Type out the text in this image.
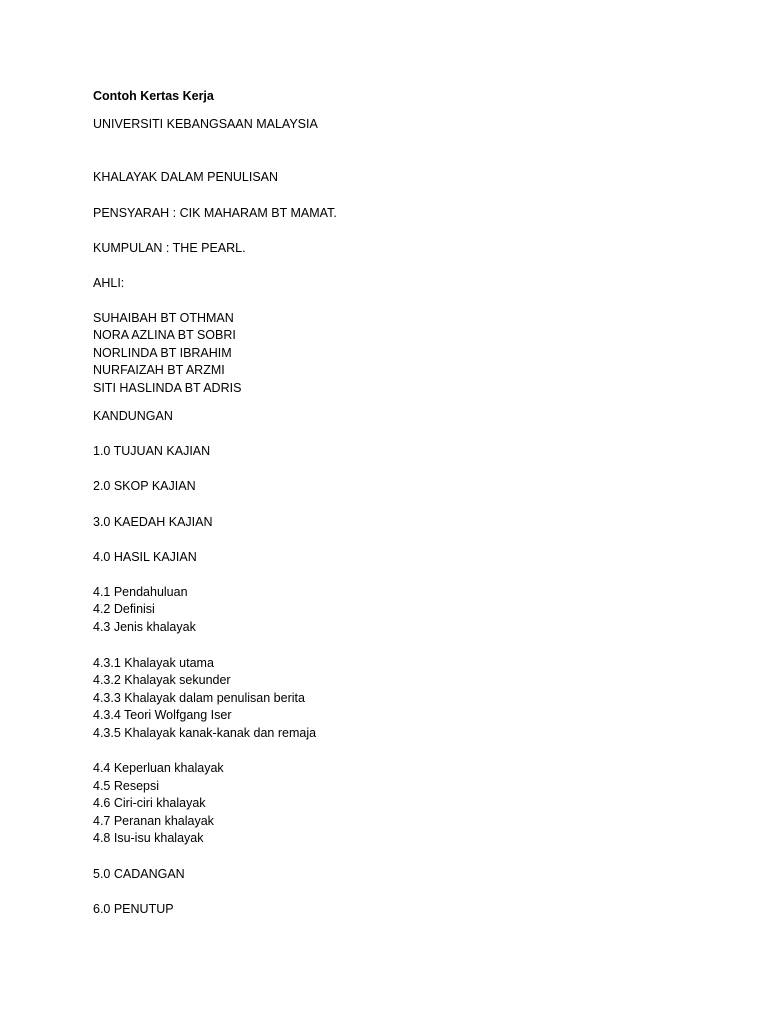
Contoh Kertas Kerja
UNIVERSITI KEBANGSAAN MALAYSIA
KHALAYAK DALAM PENULISAN
PENSYARAH : CIK MAHARAM BT MAMAT.
KUMPULAN : THE PEARL.
AHLI:
SUHAIBAH BT OTHMAN
NORA AZLINA BT SOBRI
NORLINDA BT IBRAHIM
NURFAIZAH BT ARZMI
SITI HASLINDA BT ADRIS
KANDUNGAN
1.0 TUJUAN KAJIAN
2.0 SKOP KAJIAN
3.0 KAEDAH KAJIAN
4.0 HASIL KAJIAN
4.1 Pendahuluan
4.2 Definisi
4.3 Jenis khalayak
4.3.1 Khalayak utama
4.3.2 Khalayak sekunder
4.3.3 Khalayak dalam penulisan berita
4.3.4 Teori Wolfgang Iser
4.3.5 Khalayak kanak-kanak dan remaja
4.4 Keperluan khalayak
4.5 Resepsi
4.6 Ciri-ciri khalayak
4.7 Peranan khalayak
4.8 Isu-isu khalayak
5.0 CADANGAN
6.0 PENUTUP
